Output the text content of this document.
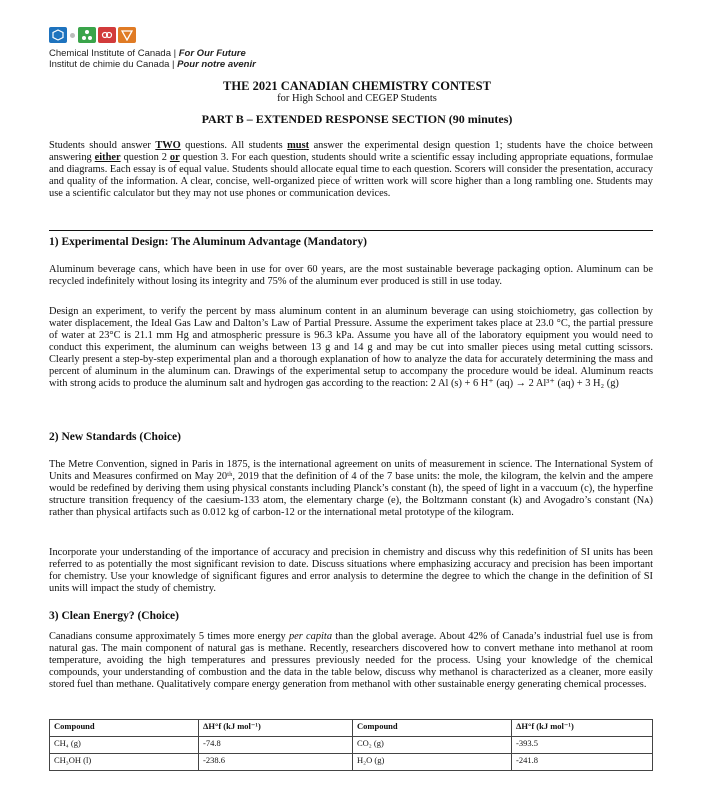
Chemical Institute of Canada | For Our Future
Institut de chimie du Canada | Pour notre avenir
THE 2021 CANADIAN CHEMISTRY CONTEST
for High School and CEGEP Students
PART B – EXTENDED RESPONSE SECTION (90 minutes)
Students should answer TWO questions. All students must answer the experimental design question 1; students have the choice between answering either question 2 or question 3. For each question, students should write a scientific essay including appropriate equations, formulae and diagrams. Each essay is of equal value. Students should allocate equal time to each question. Scorers will consider the presentation, accuracy and quality of the information. A clear, concise, well-organized piece of written work will score higher than a long rambling one. Students may use a scientific calculator but they may not use phones or communication devices.
1) Experimental Design: The Aluminum Advantage (Mandatory)
Aluminum beverage cans, which have been in use for over 60 years, are the most sustainable beverage packaging option. Aluminum can be recycled indefinitely without losing its integrity and 75% of the aluminum ever produced is still in use today.
Design an experiment, to verify the percent by mass aluminum content in an aluminum beverage can using stoichiometry, gas collection by water displacement, the Ideal Gas Law and Dalton’s Law of Partial Pressure. Assume the experiment takes place at 23.0 °C, the partial pressure of water at 23°C is 21.1 mm Hg and atmospheric pressure is 96.3 kPa. Assume you have all of the laboratory equipment you would need to conduct this experiment, the aluminum can weighs between 13 g and 14 g and may be cut into smaller pieces using metal cutting scissors. Clearly present a step-by-step experimental plan and a thorough explanation of how to analyze the data for accurately determining the mass and percent of aluminum in the aluminum can. Drawings of the experimental setup to accompany the procedure would be ideal. Aluminum reacts with strong acids to produce the aluminum salt and hydrogen gas according to the reaction: 2 Al (s) + 6 H⁺ (aq) → 2 Al³⁺ (aq) + 3 H₂ (g)
2) New Standards (Choice)
The Metre Convention, signed in Paris in 1875, is the international agreement on units of measurement in science. The International System of Units and Measures confirmed on May 20ᵗʰ, 2019 that the definition of 4 of the 7 base units: the mole, the kilogram, the kelvin and the ampere would be redefined by deriving them using physical constants including Planck’s constant (h), the speed of light in a vaccuum (c), the hyperfine structure transition frequency of the caesium-133 atom, the elementary charge (e), the Boltzmann constant (k) and Avogadro’s constant (Nᴀ) rather than physical artifacts such as 0.012 kg of carbon-12 or the international metal prototype of the kilogram.
Incorporate your understanding of the importance of accuracy and precision in chemistry and discuss why this redefinition of SI units has been referred to as potentially the most significant revision to date. Discuss situations where emphasizing accuracy and precision has been important for chemistry. Use your knowledge of significant figures and error analysis to determine the degree to which the change in the definition of SI units will impact the study of chemistry.
3) Clean Energy? (Choice)
Canadians consume approximately 5 times more energy per capita than the global average. About 42% of Canada’s industrial fuel use is from natural gas. The main component of natural gas is methane. Recently, researchers discovered how to convert methane into methanol at room temperature, avoiding the high temperatures and pressures previously needed for the process. Using your knowledge of the chemical compounds, your understanding of combustion and the data in the table below, discuss why methanol is characterized as a cleaner, more easily stored fuel than methane. Qualitatively compare energy generation from methanol with other sustainable energy generating chemical processes.
Compound	ΔH°f (kJ mol⁻¹)	Compound	ΔH°f (kJ mol⁻¹)
CH₄ (g)	-74.8	CO₂ (g)	-393.5
CH₃OH (l)	-238.6	H₂O (g)	-241.8
